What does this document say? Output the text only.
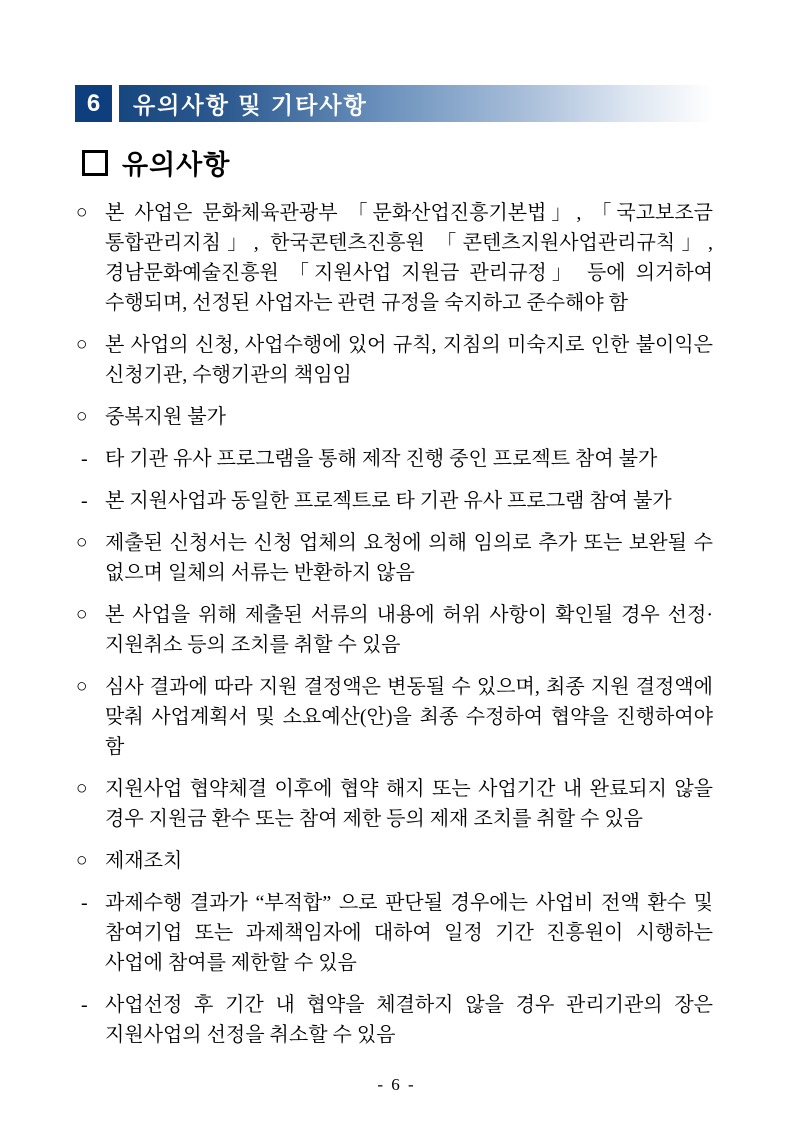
6	유의사항 및 기타사항
유의사항
○ 본 사업은 문화체육관광부 「문화산업진흥기본법」, 「국고보조금 통합관리지침」, 한국콘텐츠진흥원 「콘텐츠지원사업관리규칙」, 경남문화예술진흥원 「지원사업 지원금 관리규정」 등에 의거하여 수행되며, 선정된 사업자는 관련 규정을 숙지하고 준수해야 함
○ 본 사업의 신청, 사업수행에 있어 규칙, 지침의 미숙지로 인한 불이익은 신청기관, 수행기관의 책임임
○ 중복지원 불가
- 타 기관 유사 프로그램을 통해 제작 진행 중인 프로젝트 참여 불가
- 본 지원사업과 동일한 프로젝트로 타 기관 유사 프로그램 참여 불가
○ 제출된 신청서는 신청 업체의 요청에 의해 임의로 추가 또는 보완될 수 없으며 일체의 서류는 반환하지 않음
○ 본 사업을 위해 제출된 서류의 내용에 허위 사항이 확인될 경우 선정·지원취소 등의 조치를 취할 수 있음
○ 심사 결과에 따라 지원 결정액은 변동될 수 있으며, 최종 지원 결정액에 맞춰 사업계획서 및 소요예산(안)을 최종 수정하여 협약을 진행하여야 함
○ 지원사업 협약체결 이후에 협약 해지 또는 사업기간 내 완료되지 않을 경우 지원금 환수 또는 참여 제한 등의 제재 조치를 취할 수 있음
○ 제재조치
- 과제수행 결과가 “부적합” 으로 판단될 경우에는 사업비 전액 환수 및 참여기업 또는 과제책임자에 대하여 일정 기간 진흥원이 시행하는 사업에 참여를 제한할 수 있음
- 사업선정 후 기간 내 협약을 체결하지 않을 경우 관리기관의 장은 지원사업의 선정을 취소할 수 있음
- 6 -
